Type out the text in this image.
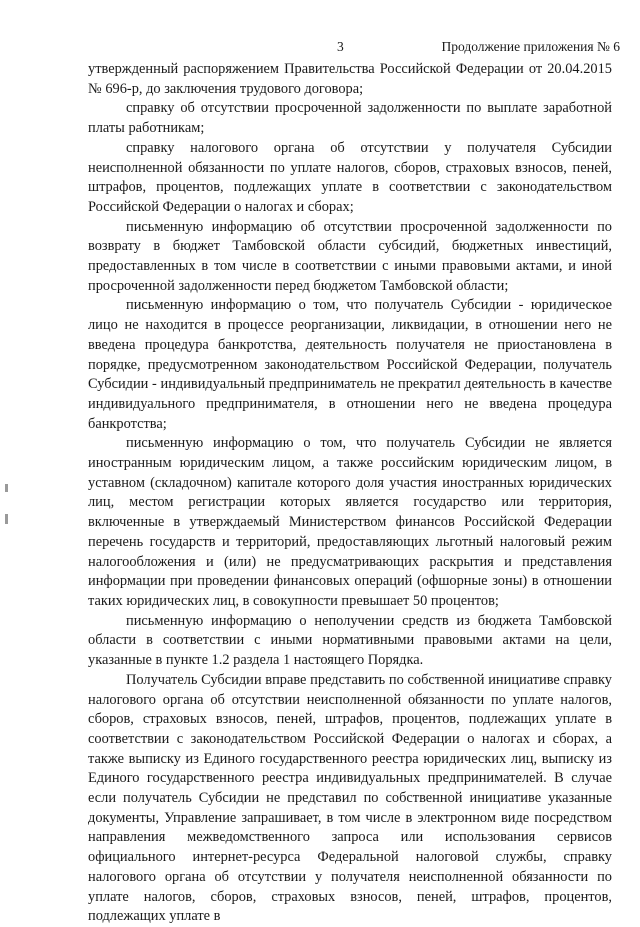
3	Продолжение приложения № 6

утвержденный распоряжением Правительства Российской Федерации от 20.04.2015 № 696-р, до заключения трудового договора;

справку об отсутствии просроченной задолженности по выплате заработной платы работникам;

справку налогового органа об отсутствии у получателя Субсидии неисполненной обязанности по уплате налогов, сборов, страховых взносов, пеней, штрафов, процентов, подлежащих уплате в соответствии с законодательством Российской Федерации о налогах и сборах;

письменную информацию об отсутствии просроченной задолженности по возврату в бюджет Тамбовской области субсидий, бюджетных инвестиций, предоставленных в том числе в соответствии с иными правовыми актами, и иной просроченной задолженности перед бюджетом Тамбовской области;

письменную информацию о том, что получатель Субсидии - юридическое лицо не находится в процессе реорганизации, ликвидации, в отношении него не введена процедура банкротства, деятельность получателя не приостановлена в порядке, предусмотренном законодательством Российской Федерации, получатель Субсидии - индивидуальный предприниматель не прекратил деятельность в качестве индивидуального предпринимателя, в отношении него не введена процедура банкротства;

письменную информацию о том, что получатель Субсидии не является иностранным юридическим лицом, а также российским юридическим лицом, в уставном (складочном) капитале которого доля участия иностранных юридических лиц, местом регистрации которых является государство или территория, включенные в утверждаемый Министерством финансов Российской Федерации перечень государств и территорий, предоставляющих льготный налоговый режим налогообложения и (или) не предусматривающих раскрытия и представления информации при проведении финансовых операций (офшорные зоны) в отношении таких юридических лиц, в совокупности превышает 50 процентов;

письменную информацию о неполучении средств из бюджета Тамбовской области в соответствии с иными нормативными правовыми актами на цели, указанные в пункте 1.2 раздела 1 настоящего Порядка.

Получатель Субсидии вправе представить по собственной инициативе справку налогового органа об отсутствии неисполненной обязанности по уплате налогов, сборов, страховых взносов, пеней, штрафов, процентов, подлежащих уплате в соответствии с законодательством Российской Федерации о налогах и сборах, а также выписку из Единого государственного реестра юридических лиц, выписку из Единого государственного реестра индивидуальных предпринимателей. В случае если получатель Субсидии не представил по собственной инициативе указанные документы, Управление запрашивает, в том числе в электронном виде посредством направления межведомственного запроса или использования сервисов официального интернет-ресурса Федеральной налоговой службы, справку налогового органа об отсутствии у получателя неисполненной обязанности по уплате налогов, сборов, страховых взносов, пеней, штрафов, процентов, подлежащих уплате в
